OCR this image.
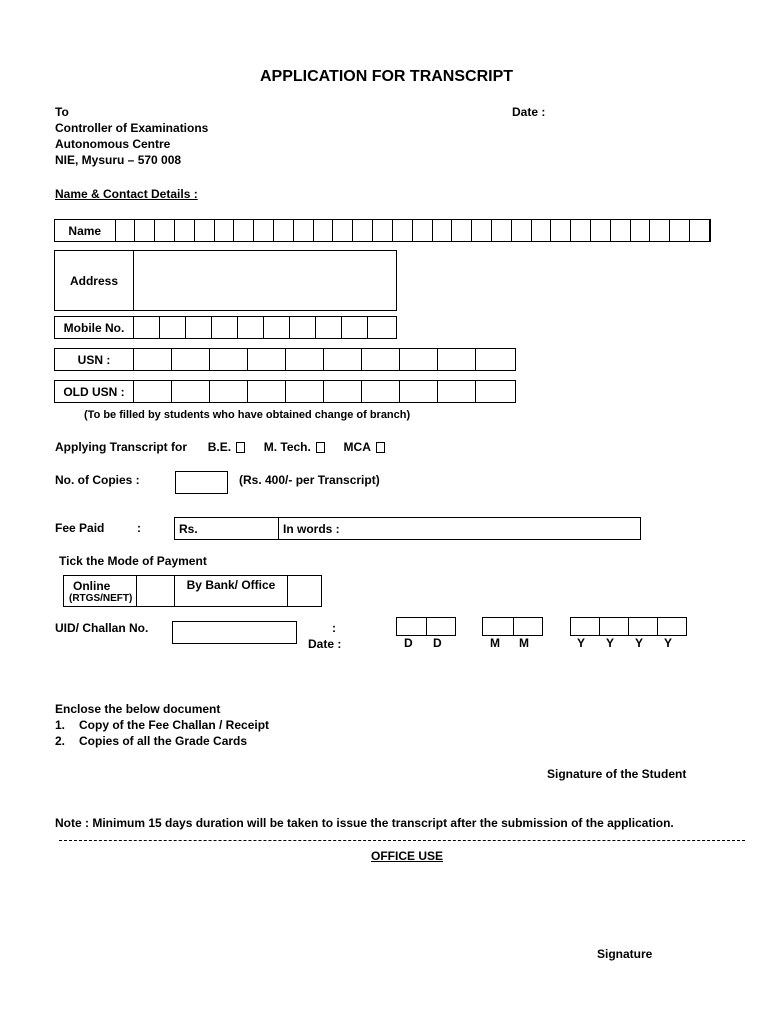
APPLICATION FOR TRANSCRIPT
To	Date :
Controller of Examinations
Autonomous Centre
NIE, Mysuru – 570 008
Name & Contact Details :
Name
Address
Mobile No.
USN :
OLD USN :
(To be filled by students who have obtained change of branch)
Applying Transcript for B.E.	M. Tech.	MCA
No. of Copies :	(Rs. 400/- per Transcript)
Fee Paid	:	Rs.	In words :
Tick the Mode of Payment
Online
(RTGS/NEFT)
By Bank/ Office
UID/ Challan No.	:
Date :	D D	M M	Y Y Y Y
Enclose the below document
1. Copy of the Fee Challan / Receipt
2. Copies of all the Grade Cards
Signature of the Student
Note : Minimum 15 days duration will be taken to issue the transcript after the submission of the application.
OFFICE USE
Signature
